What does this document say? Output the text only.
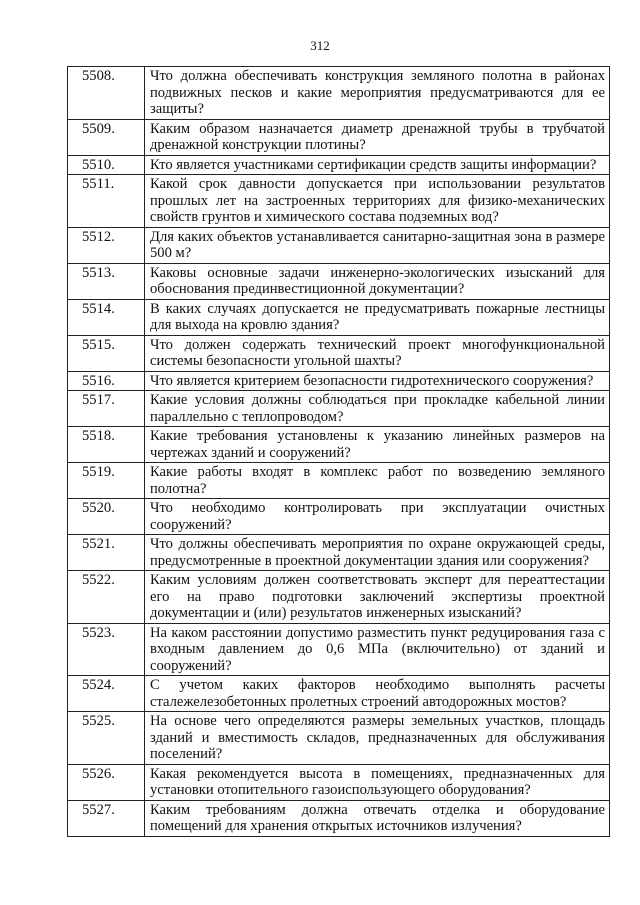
312
5508.	Что должна обеспечивать конструкция земляного полотна в районах подвижных песков и какие мероприятия предусматриваются для ее защиты?
5509.	Каким образом назначается диаметр дренажной трубы в трубчатой дренажной конструкции плотины?
5510.	Кто является участниками сертификации средств защиты информации?
5511.	Какой срок давности допускается при использовании результатов прошлых лет на застроенных территориях для физико-механических свойств грунтов и химического состава подземных вод?
5512.	Для каких объектов устанавливается санитарно-защитная зона в размере 500 м?
5513.	Каковы основные задачи инженерно-экологических изысканий для обоснования прединвестиционной документации?
5514.	В каких случаях допускается не предусматривать пожарные лестницы для выхода на кровлю здания?
5515.	Что должен содержать технический проект многофункциональной системы безопасности угольной шахты?
5516.	Что является критерием безопасности гидротехнического сооружения?
5517.	Какие условия должны соблюдаться при прокладке кабельной линии параллельно с теплопроводом?
5518.	Какие требования установлены к указанию линейных размеров на чертежах зданий и сооружений?
5519.	Какие работы входят в комплекс работ по возведению земляного полотна?
5520.	Что необходимо контролировать при эксплуатации очистных сооружений?
5521.	Что должны обеспечивать мероприятия по охране окружающей среды, предусмотренные в проектной документации здания или сооружения?
5522.	Каким условиям должен соответствовать эксперт для переаттестации его на право подготовки заключений экспертизы проектной документации и (или) результатов инженерных изысканий?
5523.	На каком расстоянии допустимо разместить пункт редуцирования газа с входным давлением до 0,6 МПа (включительно) от зданий и сооружений?
5524.	С учетом каких факторов необходимо выполнять расчеты сталежелезобетонных пролетных строений автодорожных мостов?
5525.	На основе чего определяются размеры земельных участков, площадь зданий и вместимость складов, предназначенных для обслуживания поселений?
5526.	Какая рекомендуется высота в помещениях, предназначенных для установки отопительного газоиспользующего оборудования?
5527.	Каким требованиям должна отвечать отделка и оборудование помещений для хранения открытых источников излучения?
